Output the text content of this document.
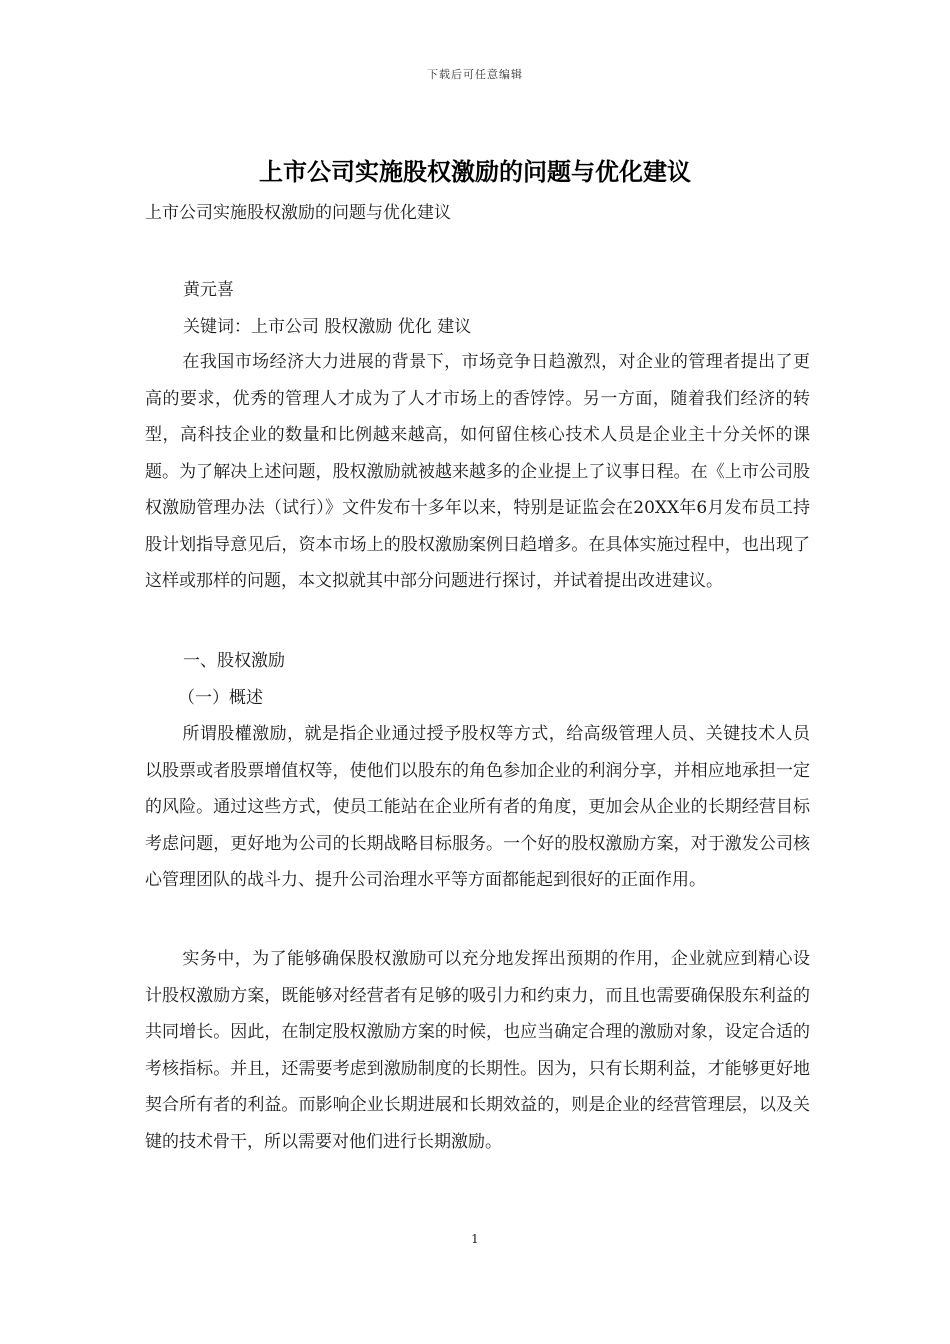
下载后可任意编辑
上市公司实施股权激励的问题与优化建议

上市公司实施股权激励的问题与优化建议

黄元喜

关键词：上市公司 股权激励 优化 建议

在我国市场经济大力进展的背景下，市场竞争日趋激烈，对企业的管理者提出了更高的要求，优秀的管理人才成为了人才市场上的香饽饽。另一方面，随着我们经济的转型，高科技企业的数量和比例越来越高，如何留住核心技术人员是企业主十分关怀的课题。为了解决上述问题，股权激励就被越来越多的企业提上了议事日程。在《上市公司股权激励管理办法（试行）》文件发布十多年以来，特别是证监会在20XX年6月发布员工持股计划指导意见后，资本市场上的股权激励案例日趋增多。在具体实施过程中，也出现了这样或那样的问题，本文拟就其中部分问题进行探讨，并试着提出改进建议。

一、股权激励

（一）概述

所谓股權激励，就是指企业通过授予股权等方式，给高级管理人员、关键技术人员以股票或者股票增值权等，使他们以股东的角色参加企业的利润分享，并相应地承担一定的风险。通过这些方式，使员工能站在企业所有者的角度，更加会从企业的长期经营目标考虑问题，更好地为公司的长期战略目标服务。一个好的股权激励方案，对于激发公司核心管理团队的战斗力、提升公司治理水平等方面都能起到很好的正面作用。

实务中，为了能够确保股权激励可以充分地发挥出预期的作用，企业就应到精心设计股权激励方案，既能够对经营者有足够的吸引力和约束力，而且也需要确保股东利益的共同增长。因此，在制定股权激励方案的时候，也应当确定合理的激励对象，设定合适的考核指标。并且，还需要考虑到激励制度的长期性。因为，只有长期利益，才能够更好地契合所有者的利益。而影响企业长期进展和长期效益的，则是企业的经营管理层，以及关键的技术骨干，所以需要对他们进行长期激励。

1
